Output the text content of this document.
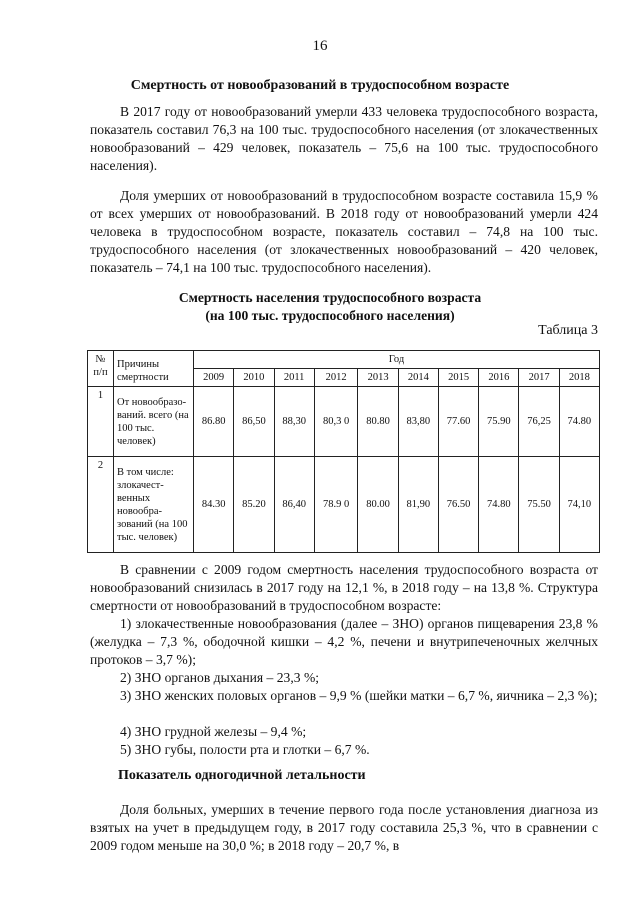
16
Смертность от новообразований в трудоспособном возрасте
В 2017 году от новообразований умерли 433 человека трудоспособного возраста, показатель составил 76,3 на 100 тыс. трудоспособного населения (от злокачественных новообразований – 429 человек, показатель – 75,6 на 100 тыс. трудоспособного населения).
Доля умерших от новообразований в трудоспособном возрасте составила 15,9 % от всех умерших от новообразований. В 2018 году от новообразований умерли 424 человека в трудоспособном возрасте, показатель составил – 74,8 на 100 тыс. трудоспособного населения (от злокачественных новообразований – 420 человек, показатель – 74,1 на 100 тыс. трудоспособного населения).
Смертность населения трудоспособного возраста
(на 100 тыс. трудоспособного населения)
Таблица 3
№ п/п	Причины смертности	Год									
		2009	2010	2011	2012	2013	2014	2015	2016	2017	2018
1	От новообразо-ваний. всего (на 100 тыс. человек)	86.80	86,50	88,30	80,3 0	80.80	83,80	77.60	75.90	76,25	74.80
2	В том числе: злокачест-венных новообра-зований (на 100 тыс. человек)	84.30	85.20	86,40	78.9 0	80.00	81,90	76.50	74.80	75.50	74,10
В сравнении с 2009 годом смертность населения трудоспособного возраста от новообразований снизилась в 2017 году на 12,1 %, в 2018 году – на 13,8 %. Структура смертности от новообразований в трудоспособном возрасте:
1) злокачественные новообразования (далее – ЗНО) органов пищеварения 23,8 % (желудка – 7,3 %, ободочной кишки – 4,2 %, печени и внутрипеченочных желчных протоков – 3,7 %);
2) ЗНО органов дыхания – 23,3 %;
3) ЗНО женских половых органов – 9,9 % (шейки матки – 6,7 %, яичника – 2,3 %);
4) ЗНО грудной железы – 9,4 %;
5) ЗНО губы, полости рта и глотки – 6,7 %.
Показатель одногодичной летальности
Доля больных, умерших в течение первого года после установления диагноза из взятых на учет в предыдущем году, в 2017 году составила 25,3 %, что в сравнении с 2009 годом меньше на 30,0 %; в 2018 году – 20,7 %, в
